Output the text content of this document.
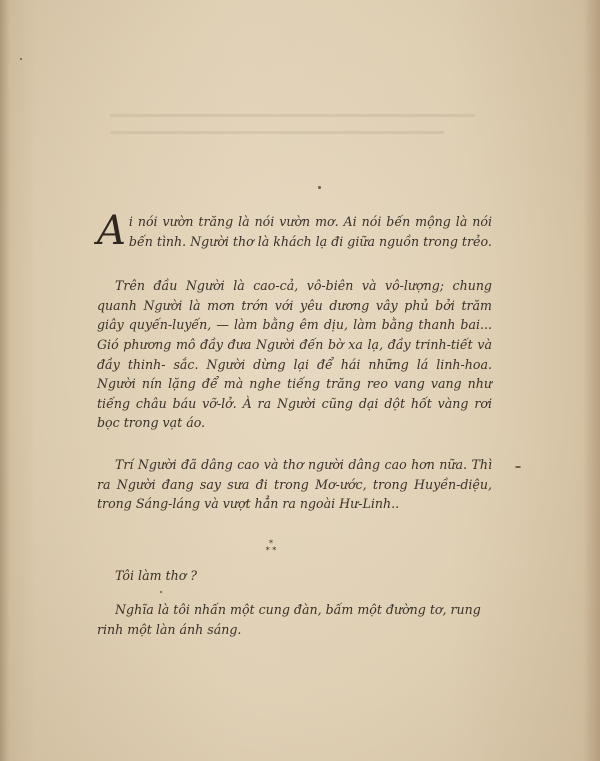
A i nói vườn trăng là nói vườn mơ. Ai nói bến mộng là nói bến tình. Người thơ là khách lạ đi giữa nguồn trong trẻo.

Trên đầu Người là cao-cả, vô-biên và vô-lượng; chung quanh Người là mơn trớn với yêu dương vây phủ bởi trăm giây quyến-luyến, — làm bằng êm dịu, làm bằng thanh bai... Gió phương mô đầy đưa Người đến bờ xa lạ, đầy trinh-tiết và đầy thinh- sắc. Người dừng lại để hái những lá linh-hoa. Người nín lặng để mà nghe tiếng trăng reo vang vang như tiếng châu báu vỡ-lở. À ra Người cũng dại dột hốt vàng rơi bọc trong vạt áo.

Trí Người đã dâng cao và thơ người dâng cao hơn nữa. Thì ra Người đang say sưa đi trong Mơ-ước, trong Huyền-diệu, trong Sáng-láng và vượt hẳn ra ngoài Hư-Linh..

*
* *
Tôi làm thơ ?
Nghĩa là tôi nhấn một cung đàn, bấm một đường tơ, rung rinh một làn ánh sáng.
